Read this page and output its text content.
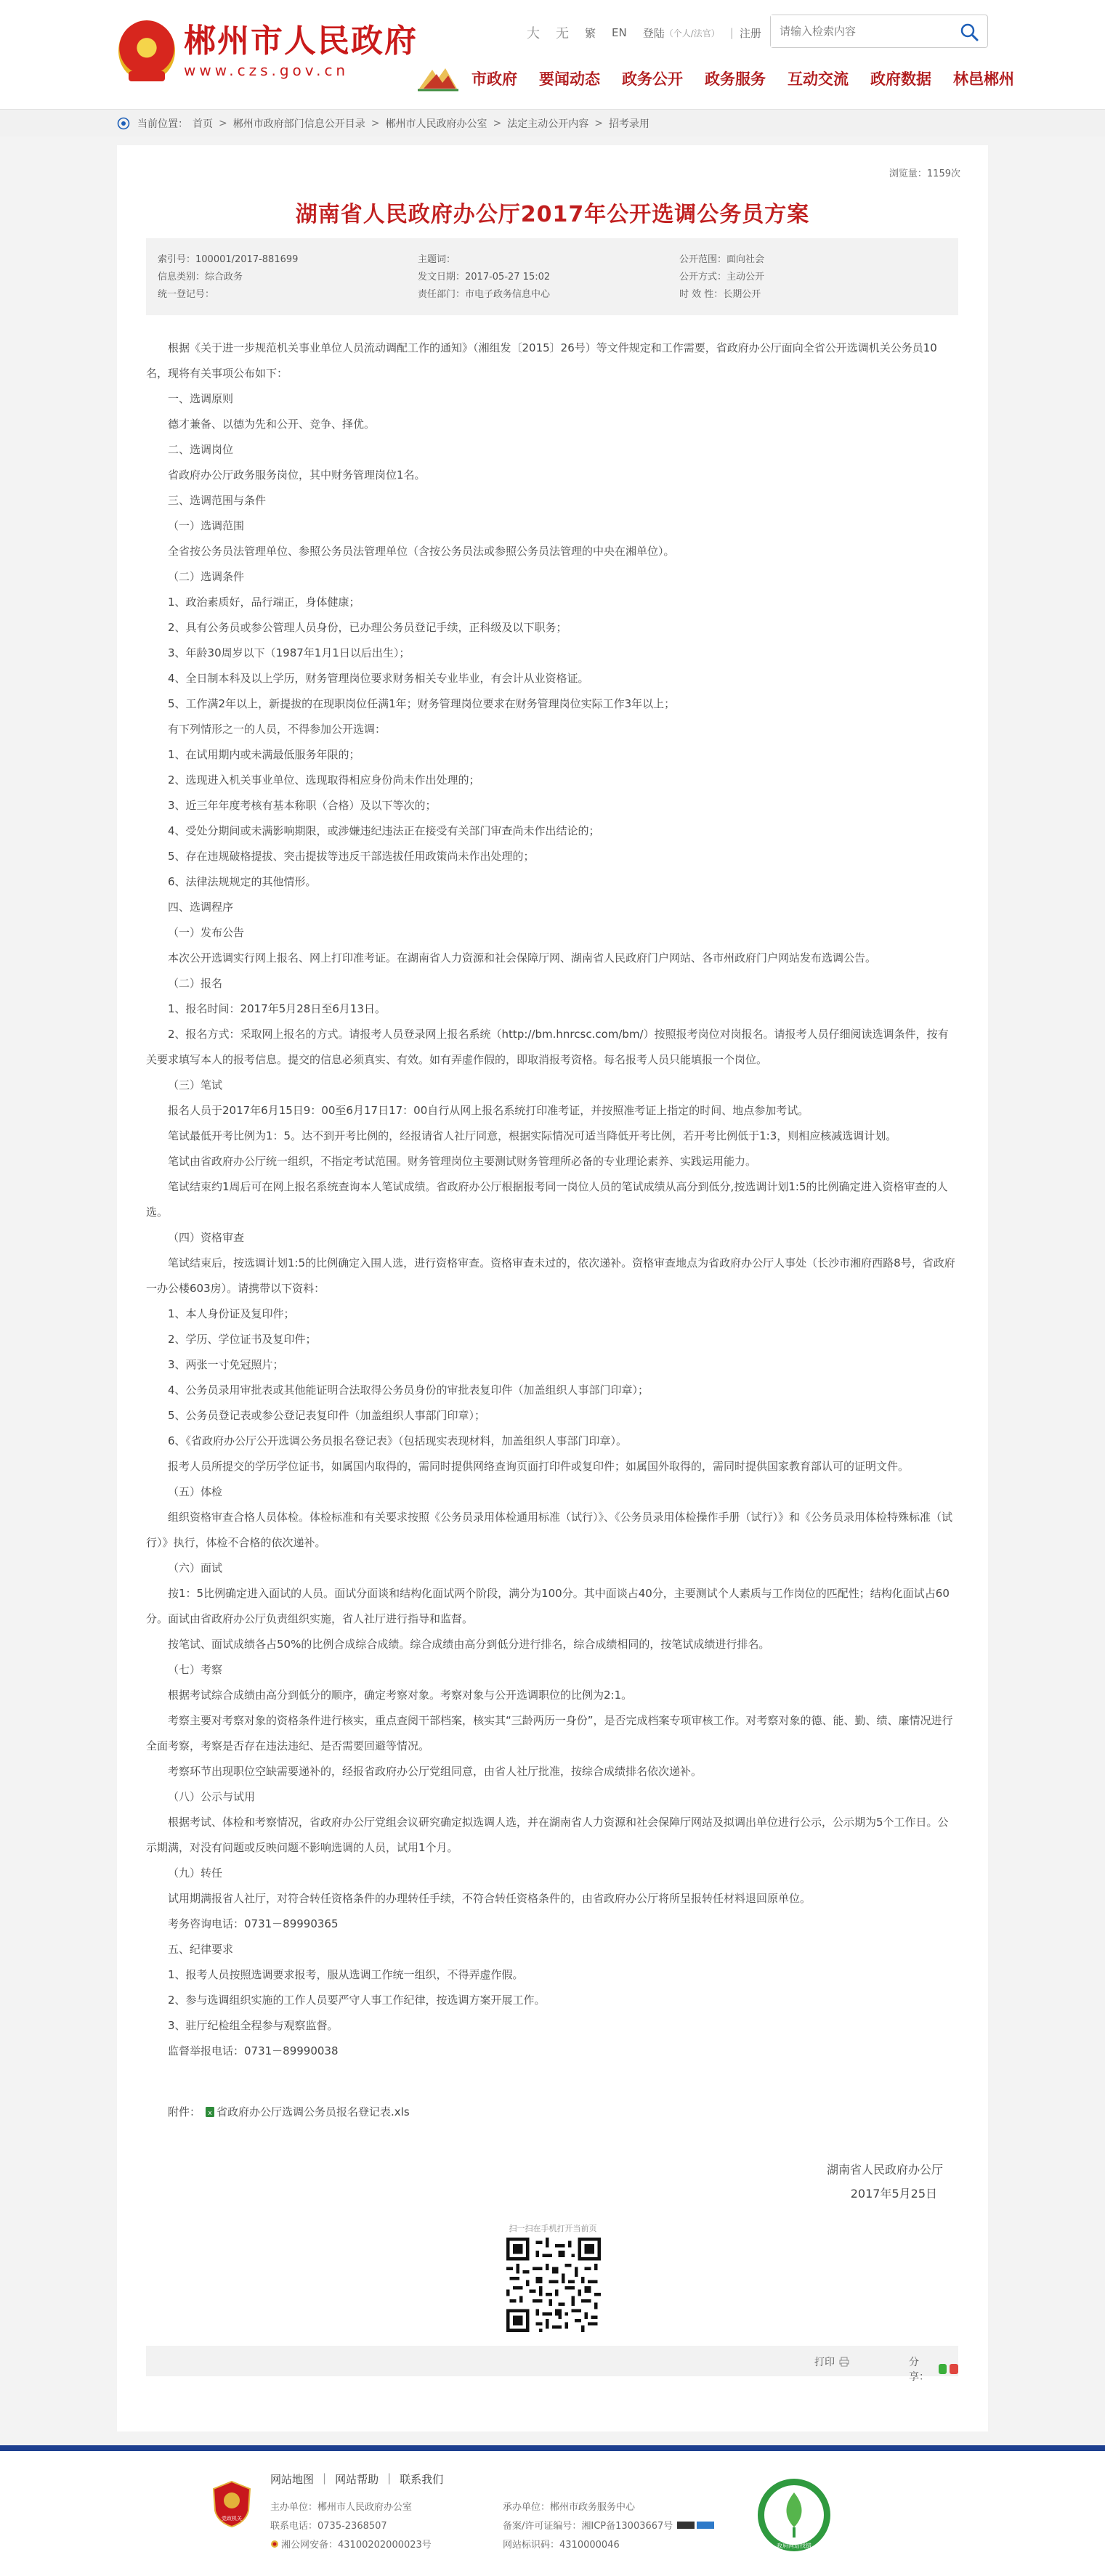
郴州市人民政府
www.czs.gov.cn
大 无 繁 EN 登陆 （个人/法官） | 注册
请输入检索内容
市政府 要闻动态 政务公开 政务服务 互动交流 政府数据 林邑郴州
当前位置： 首页 > 郴州市政府部门信息公开目录 > 郴州市人民政府办公室 > 法定主动公开内容 > 招考录用
浏览量：1159次
湖南省人民政府办公厅2017年公开选调公务员方案
索引号：100001/2017-881699
信息类别：综合政务
统一登记号：
主题词：
发文日期：2017-05-27 15:02
责任部门：市电子政务信息中心
公开范围：面向社会
公开方式：主动公开
时 效 性：长期公开

根据《关于进一步规范机关事业单位人员流动调配工作的通知》（湘组发〔2015〕26号）等文件规定和工作需要，省政府办公厅面向全省公开选调机关公务员10名，现将有关事项公布如下：

一、选调原则

德才兼备、以德为先和公开、竞争、择优。

二、选调岗位

省政府办公厅政务服务岗位，其中财务管理岗位1名。

三、选调范围与条件

（一）选调范围

全省按公务员法管理单位、参照公务员法管理单位（含按公务员法或参照公务员法管理的中央在湘单位）。

（二）选调条件

1、政治素质好，品行端正，身体健康；

2、具有公务员或参公管理人员身份，已办理公务员登记手续，正科级及以下职务；

3、年龄30周岁以下（1987年1月1日以后出生）；

4、全日制本科及以上学历，财务管理岗位要求财务相关专业毕业，有会计从业资格证。

5、工作满2年以上，新提拔的在现职岗位任满1年；财务管理岗位要求在财务管理岗位实际工作3年以上；

有下列情形之一的人员，不得参加公开选调：

1、在试用期内或未满最低服务年限的；

2、选现进入机关事业单位、选现取得相应身份尚未作出处理的；

3、近三年年度考核有基本称职（合格）及以下等次的；

4、受处分期间或未满影响期限，或涉嫌违纪违法正在接受有关部门审查尚未作出结论的；

5、存在违规破格提拔、突击提拔等违反干部选拔任用政策尚未作出处理的；

6、法律法规规定的其他情形。

四、选调程序

（一）发布公告

本次公开选调实行网上报名、网上打印准考证。在湖南省人力资源和社会保障厅网、湖南省人民政府门户网站、各市州政府门户网站发布选调公告。

（二）报名

1、报名时间：2017年5月28日至6月13日。

2、报名方式：采取网上报名的方式。请报考人员登录网上报名系统（http://bm.hnrcsc.com/bm/）按照报考岗位对岗报名。请报考人员仔细阅读选调条件，按有关要求填写本人的报考信息。提交的信息必须真实、有效。如有弄虚作假的，即取消报考资格。每名报考人员只能填报一个岗位。

（三）笔试

报名人员于2017年6月15日9：00至6月17日17：00自行从网上报名系统打印准考证，并按照准考证上指定的时间、地点参加考试。

笔试最低开考比例为1：5。达不到开考比例的，经报请省人社厅同意，根据实际情况可适当降低开考比例，若开考比例低于1:3，则相应核减选调计划。

笔试由省政府办公厅统一组织，不指定考试范围。财务管理岗位主要测试财务管理所必备的专业理论素养、实践运用能力。

笔试结束约1周后可在网上报名系统查询本人笔试成绩。省政府办公厅根据报考同一岗位人员的笔试成绩从高分到低分,按选调计划1:5的比例确定进入资格审查的人选。

（四）资格审查

笔试结束后，按选调计划1:5的比例确定入围人选，进行资格审查。资格审查未过的，依次递补。资格审查地点为省政府办公厅人事处（长沙市湘府西路8号，省政府一办公楼603房）。请携带以下资料：

1、本人身份证及复印件；

2、学历、学位证书及复印件；

3、两张一寸免冠照片；

4、公务员录用审批表或其他能证明合法取得公务员身份的审批表复印件（加盖组织人事部门印章）；

5、公务员登记表或参公登记表复印件（加盖组织人事部门印章）；

6、《省政府办公厅公开选调公务员报名登记表》（包括现实表现材料，加盖组织人事部门印章）。

报考人员所提交的学历学位证书，如属国内取得的，需同时提供网络查询页面打印件或复印件；如属国外取得的，需同时提供国家教育部认可的证明文件。

（五）体检

组织资格审查合格人员体检。体检标准和有关要求按照《公务员录用体检通用标准（试行）》、《公务员录用体检操作手册（试行）》和《公务员录用体检特殊标准（试行）》执行，体检不合格的依次递补。

（六）面试

按1：5比例确定进入面试的人员。面试分面谈和结构化面试两个阶段，满分为100分。其中面谈占40分，主要测试个人素质与工作岗位的匹配性；结构化面试占60分。面试由省政府办公厅负责组织实施，省人社厅进行指导和监督。

按笔试、面试成绩各占50%的比例合成综合成绩。综合成绩由高分到低分进行排名，综合成绩相同的，按笔试成绩进行排名。

（七）考察

根据考试综合成绩由高分到低分的顺序，确定考察对象。考察对象与公开选调职位的比例为2:1。

考察主要对考察对象的资格条件进行核实，重点查阅干部档案，核实其“三龄两历一身份”，是否完成档案专项审核工作。对考察对象的德、能、勤、绩、廉情况进行全面考察，考察是否存在违法违纪、是否需要回避等情况。

考察环节出现职位空缺需要递补的，经报省政府办公厅党组同意，由省人社厅批准，按综合成绩排名依次递补。

（八）公示与试用

根据考试、体检和考察情况，省政府办公厅党组会议研究确定拟选调人选，并在湖南省人力资源和社会保障厅网站及拟调出单位进行公示，公示期为5个工作日。公示期满，对没有问题或反映问题不影响选调的人员，试用1个月。

（九）转任

试用期满报省人社厅，对符合转任资格条件的办理转任手续，不符合转任资格条件的，由省政府办公厅将所呈报转任材料退回原单位。

考务咨询电话：0731－89990365

五、纪律要求

1、报考人员按照选调要求报考，服从选调工作统一组织，不得弄虚作假。

2、参与选调组织实施的工作人员要严守人事工作纪律，按选调方案开展工作。

3、驻厅纪检组全程参与观察监督。

监督举报电话：0731－89990038

附件： x 省政府办公厅选调公务员报名登记表.xls
湖南省人民政府办公厅
2017年5月25日
扫一扫在手机打开当前页
打印	分享：
党政机关
网站地图 | 网站帮助 | 联系我们
主办单位：郴州市人民政府办公室
联系电话：0735-2368507
湘公网安备：43100202000023号
承办单位：郴州市政务服务中心
备案/许可证编号：湘ICP备13003667号
网站标识码：4310000046	政府网站找错
